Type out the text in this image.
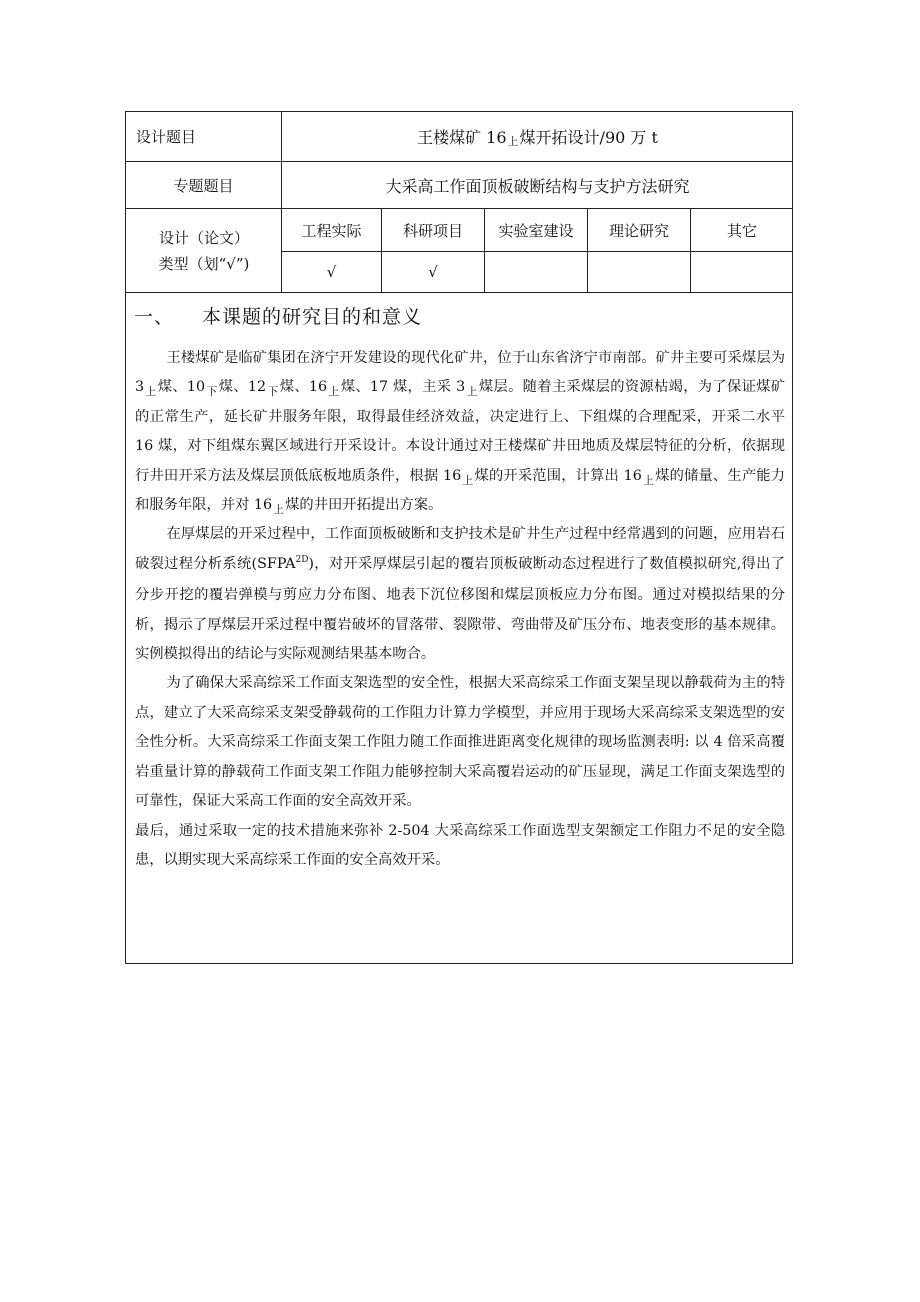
设计题目	王楼煤矿 16 上 煤开拓设计/90 万 t
专题题目	大采高工作面顶板破断结构与支护方法研究
设计（论文）
类型（划“√”)
工程实际	科研项目	实验室建设	理论研究	其它
√	√
一、 本课题的研究目的和意义

王楼煤矿是临矿集团在济宁开发建设的现代化矿井，位于山东省济宁市南部。矿井主要可采煤层为 $3_上$煤、$10_下$煤、$12_下$煤、$16_上$煤、17 煤，主采 $3_上$煤层。随着主采煤层的资源枯竭，为了保证煤矿的正常生产，延长矿井服务年限，取得最佳经济效益，决定进行上、下组煤的合理配采，开采二水平 16 煤，对下组煤东翼区域进行开采设计。本设计通过对王楼煤矿井田地质及煤层特征的分析，依据现行井田开采方法及煤层顶低底板地质条件，根据 $16_上$煤的开采范围，计算出 $16_上$煤的储量、生产能力和服务年限，并对 $16_上$煤的井田开拓提出方案。

在厚煤层的开采过程中，工作面顶板破断和支护技术是矿井生产过程中经常遇到的问题，应用岩石破裂过程分析系统$(SFPA^{2D})$，对开采厚煤层引起的覆岩顶板破断动态过程进行了数值模拟研究,得出了分步开挖的覆岩弹模与剪应力分布图、地表下沉位移图和煤层顶板应力分布图。通过对模拟结果的分析，揭示了厚煤层开采过程中覆岩破坏的冒落带、裂隙带、弯曲带及矿压分布、地表变形的基本规律。实例模拟得出的结论与实际观测结果基本吻合。

为了确保大采高综采工作面支架选型的安全性，根据大采高综采工作面支架呈现以静载荷为主的特点，建立了大采高综采支架受静载荷的工作阻力计算力学模型，并应用于现场大采高综采支架选型的安全性分析。大采高综采工作面支架工作阻力随工作面推进距离变化规律的现场监测表明: 以 4 倍采高覆岩重量计算的静载荷工作面支架工作阻力能够控制大采高覆岩运动的矿压显现，满足工作面支架选型的可靠性，保证大采高工作面的安全高效开采。

最后，通过采取一定的技术措施来弥补 2-504 大采高综采工作面选型支架额定工作阻力不足的安全隐患，以期实现大采高综采工作面的安全高效开采。
